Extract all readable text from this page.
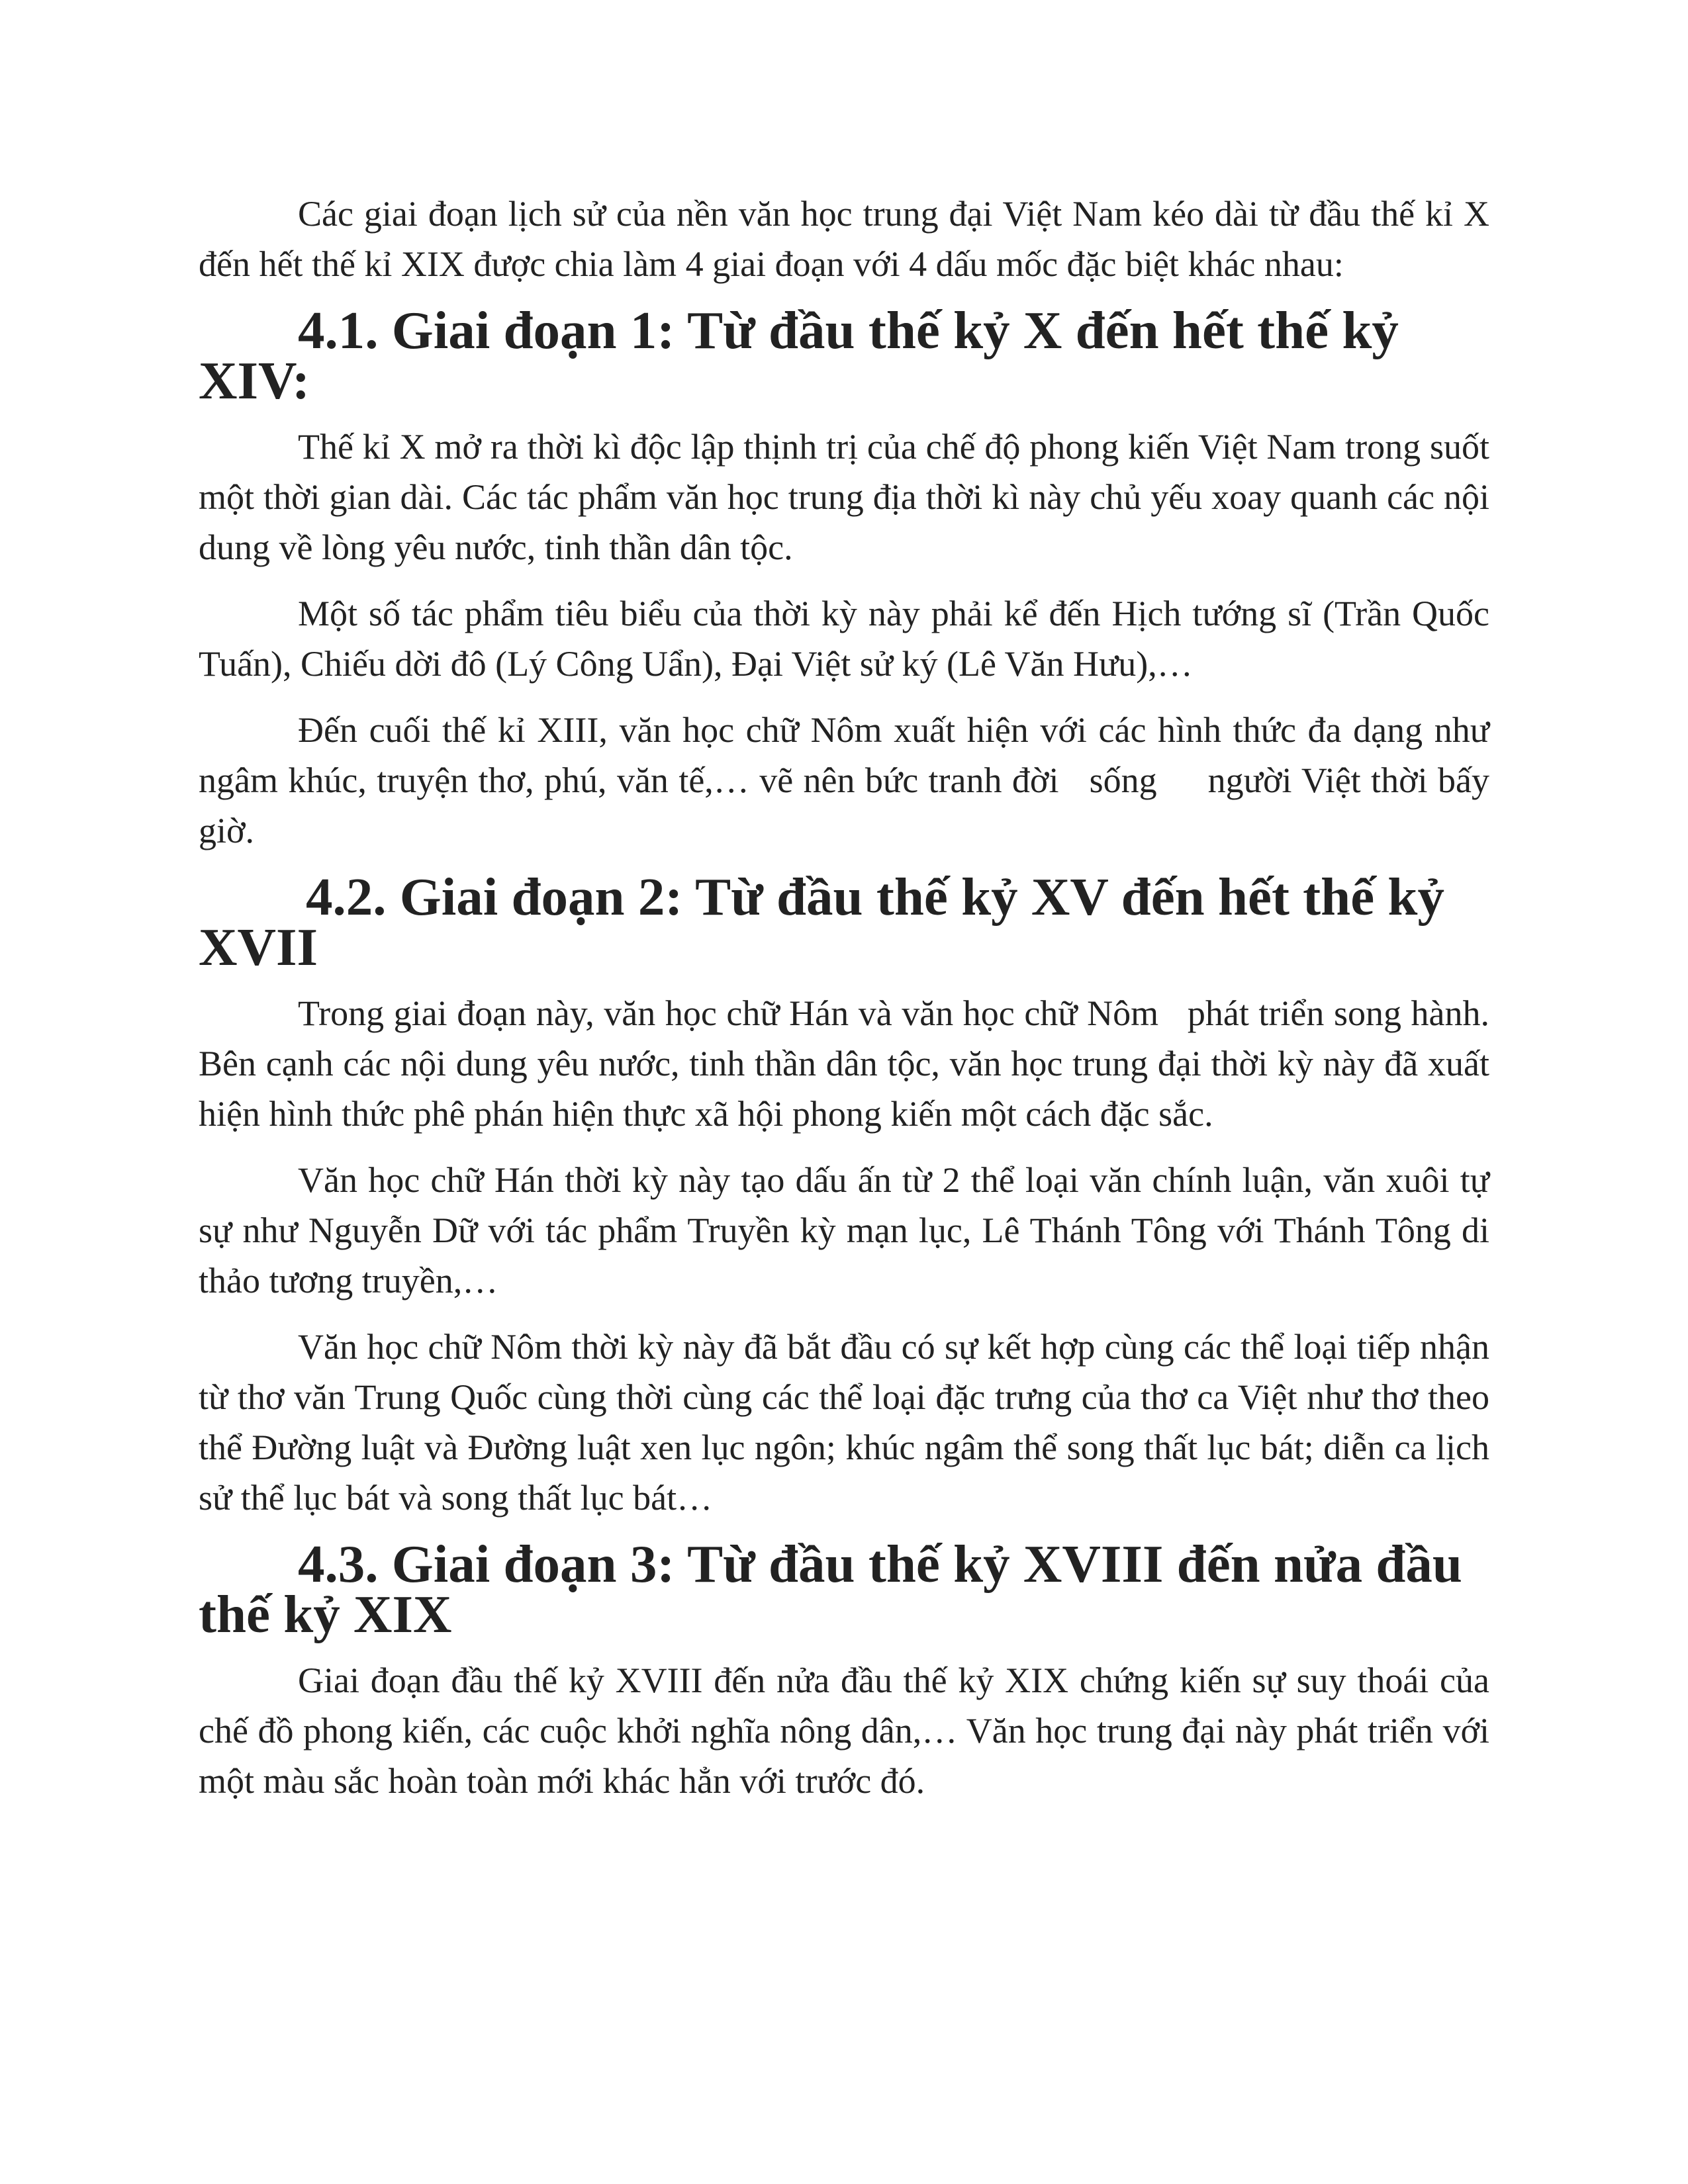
Các giai đoạn lịch sử của nền văn học trung đại Việt Nam kéo dài từ đầu thế kỉ X đến hết thế kỉ XIX được chia làm 4 giai đoạn với 4 dấu mốc đặc biệt khác nhau:

4.1. Giai đoạn 1: Từ đầu thế kỷ X đến hết thế kỷ XIV:

Thế kỉ X mở ra thời kì độc lập thịnh trị của chế độ phong kiến Việt Nam trong suốt một thời gian dài. Các tác phẩm văn học trung địa thời kì này chủ yếu xoay quanh các nội dung về lòng yêu nước, tinh thần dân tộc.

Một số tác phẩm tiêu biểu của thời kỳ này phải kể đến Hịch tướng sĩ (Trần Quốc Tuấn), Chiếu dời đô (Lý Công Uẩn), Đại Việt sử ký (Lê Văn Hưu),…

Đến cuối thế kỉ XIII, văn học chữ Nôm xuất hiện với các hình thức đa dạng như ngâm khúc, truyện thơ, phú, văn tế,… vẽ nên bức tranh đời   sống     người Việt thời bấy giờ.

4.2. Giai đoạn 2: Từ đầu thế kỷ XV đến hết thế kỷ XVII

Trong giai đoạn này, văn học chữ Hán và văn học chữ Nôm   phát triển song hành. Bên cạnh các nội dung yêu nước, tinh thần dân tộc, văn học trung đại thời kỳ này đã xuất hiện hình thức phê phán hiện thực xã hội phong kiến một cách đặc sắc.

Văn học chữ Hán thời kỳ này tạo dấu ấn từ 2 thể loại văn chính luận, văn xuôi tự sự như Nguyễn Dữ với tác phẩm Truyền kỳ mạn lục, Lê Thánh Tông với Thánh Tông di thảo tương truyền,…

Văn học chữ Nôm thời kỳ này đã bắt đầu có sự kết hợp cùng các thể loại tiếp nhận từ thơ văn Trung Quốc cùng thời cùng các thể loại đặc trưng của thơ ca Việt như thơ theo thể Đường luật và Đường luật xen lục ngôn; khúc ngâm thể song thất lục bát; diễn ca lịch sử thể lục bát và song thất lục bát…

4.3. Giai đoạn 3: Từ đầu thế kỷ XVIII đến nửa đầu thế kỷ XIX

Giai đoạn đầu thế kỷ XVIII đến nửa đầu thế kỷ XIX chứng kiến sự suy thoái của chế đồ phong kiến, các cuộc khởi nghĩa nông dân,… Văn học trung đại này phát triển với một màu sắc hoàn toàn mới khác hẳn với trước đó.
